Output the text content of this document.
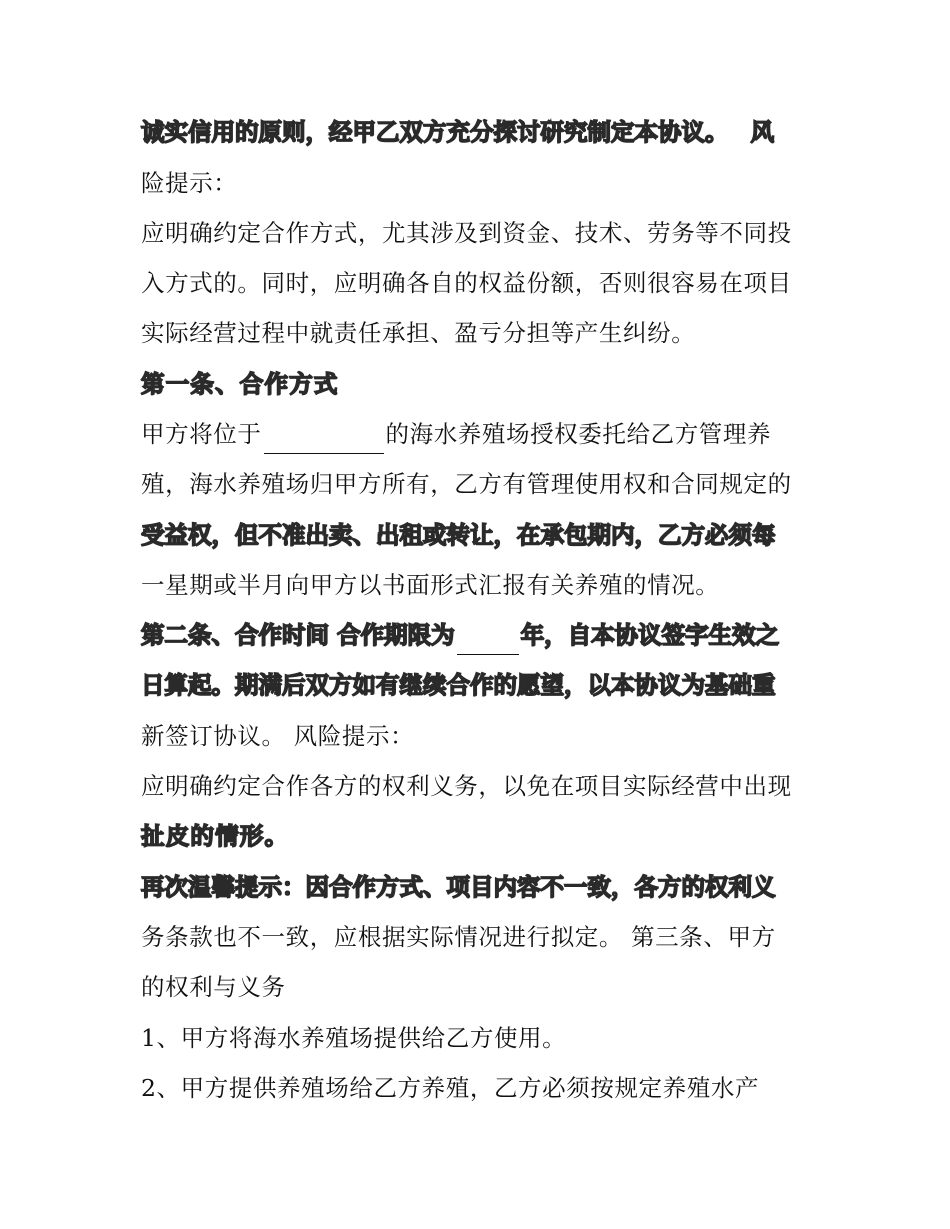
诚实信用的原则，经甲乙双方充分探讨研究制定本协议。 风
险提示：
应明确约定合作方式，尤其涉及到资金、技术、劳务等不同投
入方式的。同时，应明确各自的权益份额，否则很容易在项目
实际经营过程中就责任承担、盈亏分担等产生纠纷。
第一条、合作方式
甲方将位于	的海水养殖场授权委托给乙方管理养
殖，海水养殖场归甲方所有，乙方有管理使用权和合同规定的
受益权，但不准出卖、出租或转让，在承包期内，乙方必须每
一星期或半月向甲方以书面形式汇报有关养殖的情况。
第二条、合作时间 合作期限为	年，自本协议签字生效之
日算起。期满后双方如有继续合作的愿望，以本协议为基础重
新签订协议。 风险提示：
应明确约定合作各方的权利义务，以免在项目实际经营中出现
扯皮的情形。
再次温馨提示：因合作方式、项目内容不一致，各方的权利义
务条款也不一致，应根据实际情况进行拟定。 第三条、甲方
的权利与义务
1、甲方将海水养殖场提供给乙方使用。
2、甲方提供养殖场给乙方养殖，乙方必须按规定养殖水产
